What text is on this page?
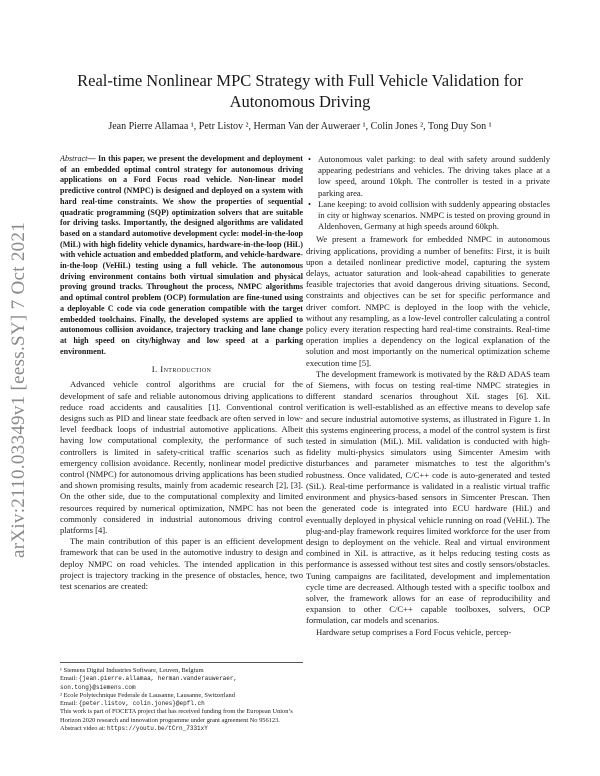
arXiv:2110.03349v1 [eess.SY] 7 Oct 2021
Real-time Nonlinear MPC Strategy with Full Vehicle Validation for
Autonomous Driving
Jean Pierre Allamaa ¹, Petr Listov ², Herman Van der Auweraer ¹, Colin Jones ², Tong Duy Son ¹

Abstract— In this paper, we present the development and deployment of an embedded optimal control strategy for autonomous driving applications on a Ford Focus road vehicle. Non-linear model predictive control (NMPC) is designed and deployed on a system with hard real-time constraints. We show the properties of sequential quadratic programming (SQP) optimization solvers that are suitable for driving tasks. Importantly, the designed algorithms are validated based on a standard automotive development cycle: model-in-the-loop (MiL) with high fidelity vehicle dynamics, hardware-in-the-loop (HiL) with vehicle actuation and embedded platform, and vehicle-hardware-in-the-loop (VeHiL) testing using a full vehicle. The autonomous driving environment contains both virtual simulation and physical proving ground tracks. Throughout the process, NMPC algorithms and optimal control problem (OCP) formulation are fine-tuned using a deployable C code via code generation compatible with the target embedded toolchains. Finally, the developed systems are applied to autonomous collision avoidance, trajectory tracking and lane change at high speed on city/highway and low speed at a parking environment.

I. Introduction

Advanced vehicle control algorithms are crucial for the development of safe and reliable autonomous driving applications to reduce road accidents and causalities [1]. Conventional control designs such as PID and linear state feedback are often served in low-level feedback loops of industrial automotive applications. Albeit having low computational complexity, the performance of such controllers is limited in safety-critical traffic scenarios such as emergency collision avoidance. Recently, nonlinear model predictive control (NMPC) for autonomous driving applications has been studied and shown promising results, mainly from academic research [2], [3]. On the other side, due to the computational complexity and limited resources required by numerical optimization, NMPC has not been commonly considered in industrial autonomous driving control platforms [4].

The main contribution of this paper is an efficient development framework that can be used in the automotive industry to design and deploy NMPC on road vehicles. The intended application in this project is trajectory tracking in the presence of obstacles, hence, two test scenarios are created:

¹ Siemens Digital Industries Software, Leuven, Belgium

Email: {jean.pierre.allamaa, herman.vanderauweraer, son.tong}@siemens.com

² Ecole Polytechnique Federale de Lausanne, Lausanne, Switzerland

Email: {peter.listov, colin.jones}@epfl.ch

This work is part of FOCETA project that has received funding from the European Union’s Horizon 2020 research and innovation programme under grant agreement No 956123.

Abstract video at: https://youtu.be/tCrn_7331xY

• Autonomous valet parking: to deal with safety around suddenly appearing pedestrians and vehicles. The driving takes place at a low speed, around 10kph. The controller is tested in a private parking area.
• Lane keeping: to avoid collision with suddenly appearing obstacles in city or highway scenarios. NMPC is tested on proving ground in Aldenhoven, Germany at high speeds around 60kph.

We present a framework for embedded NMPC in autonomous driving applications, providing a number of benefits: First, it is built upon a detailed nonlinear predictive model, capturing the system delays, actuator saturation and look-ahead capabilities to generate feasible trajectories that avoid dangerous driving situations. Second, constraints and objectives can be set for specific performance and driver comfort. NMPC is deployed in the loop with the vehicle, without any resampling, as a low-level controller calculating a control policy every iteration respecting hard real-time constraints. Real-time operation implies a dependency on the logical explanation of the solution and most importantly on the numerical optimization scheme execution time [5].

The development framework is motivated by the R&D ADAS team of Siemens, with focus on testing real-time NMPC strategies in different standard scenarios throughout XiL stages [6]. XiL verification is well-established as an effective means to develop safe and secure industrial automotive systems, as illustrated in Figure 1. In this systems engineering process, a model of the control system is first tested in simulation (MiL). MiL validation is conducted with high-fidelity multi-physics simulators using Simcenter Amesim with disturbances and parameter mismatches to test the algorithm’s robustness. Once validated, C/C++ code is auto-generated and tested (SiL). Real-time performance is validated in a realistic virtual traffic environment and physics-based sensors in Simcenter Prescan. Then the generated code is integrated into ECU hardware (HiL) and eventually deployed in physical vehicle running on road (VeHiL). The plug-and-play framework requires limited workforce for the user from design to deployment on the vehicle. Real and virtual environment combined in XiL is attractive, as it helps reducing testing costs as performance is assessed without test sites and costly sensors/obstacles. Tuning campaigns are facilitated, development and implementation cycle time are decreased. Although tested with a specific toolbox and solver, the framework allows for an ease of reproducibility and expansion to other C/C++ capable toolboxes, solvers, OCP formulation, car models and scenarios.

Hardware setup comprises a Ford Focus vehicle, percep-
